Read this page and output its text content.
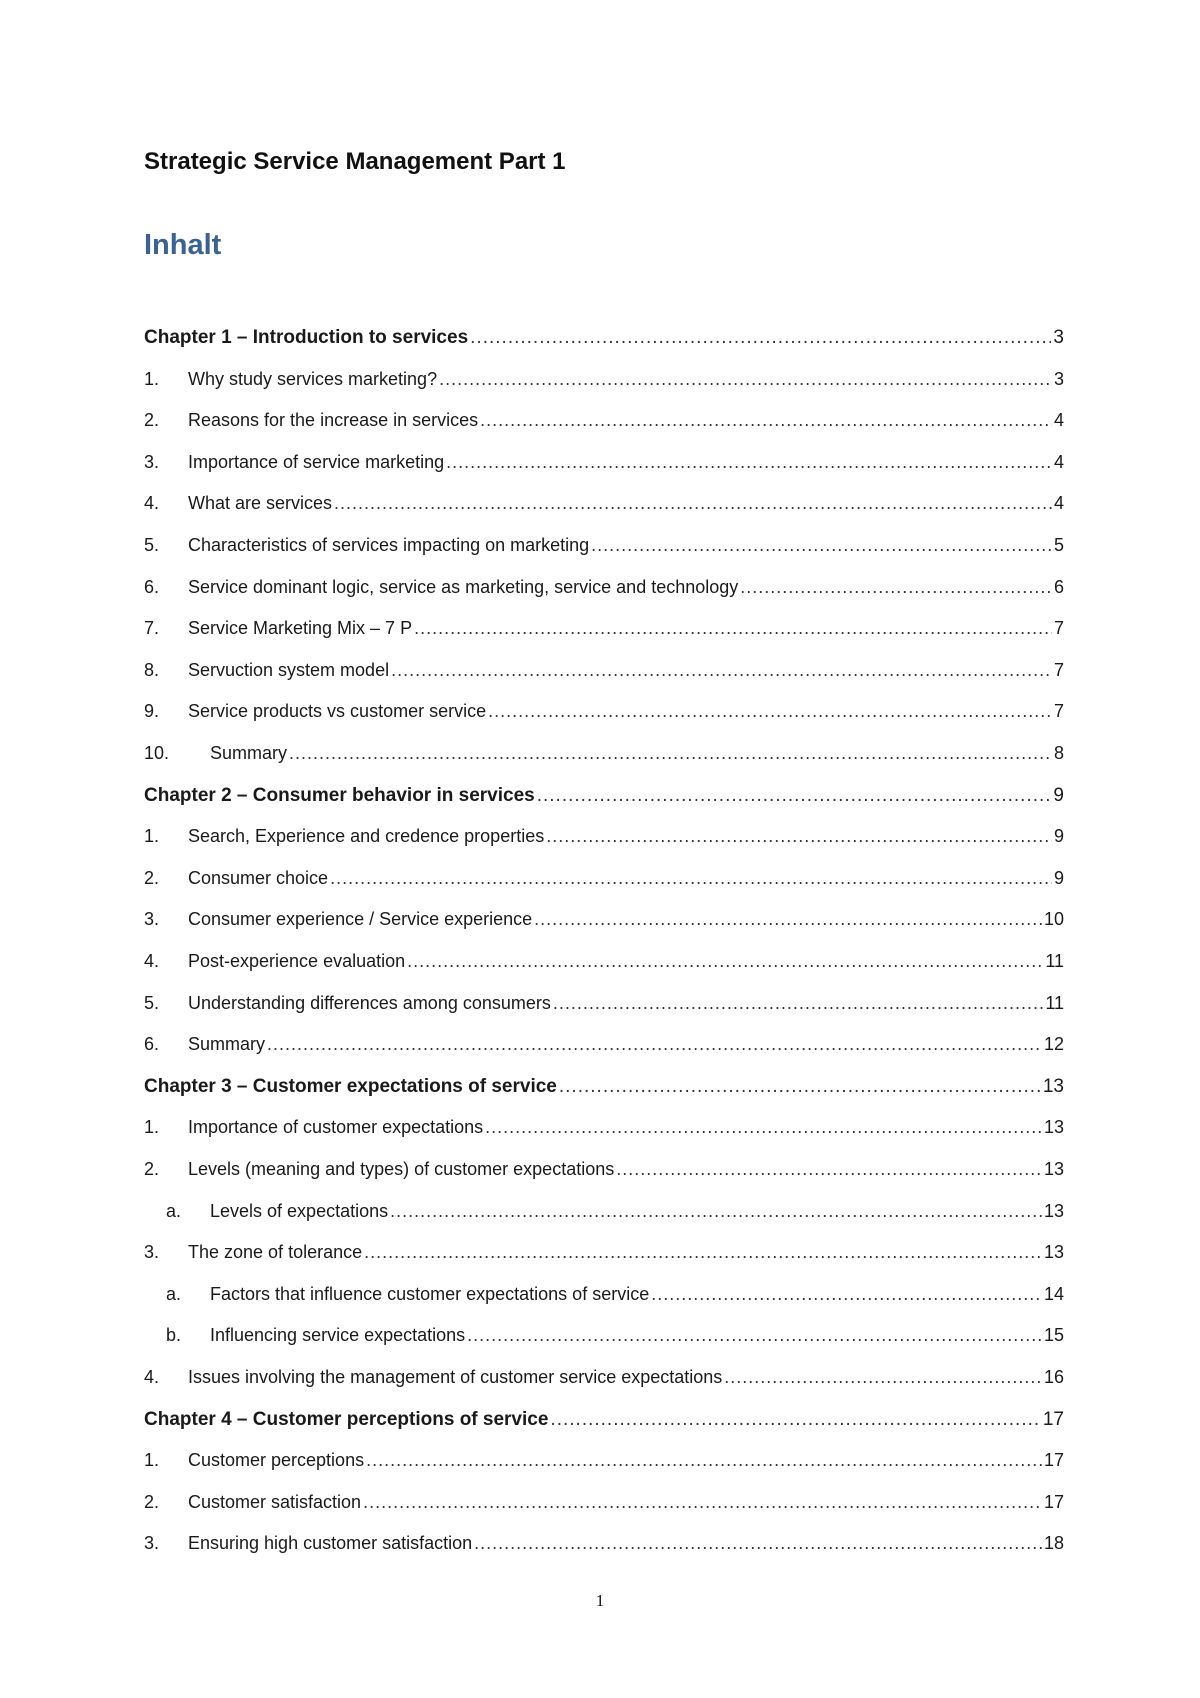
Strategic Service Management Part 1
Inhalt
Chapter 1 – Introduction to services .....	3
1.	Why study services marketing? .....	3
2.	Reasons for the increase in services .....	4
3.	Importance of service marketing .....	4
4.	What are services .....	4
5.	Characteristics of services impacting on marketing .....	5
6.	Service dominant logic, service as marketing, service and technology .....	6
7.	Service Marketing Mix – 7 P .....	7
8.	Servuction system model .....	7
9.	Service products vs customer service .....	7
10.	Summary .....	8
Chapter 2 – Consumer behavior in services .....	9
1.	Search, Experience and credence properties .....	9
2.	Consumer choice .....	9
3.	Consumer experience / Service experience .....	10
4.	Post-experience evaluation .....	11
5.	Understanding differences among consumers .....	11
6.	Summary .....	12
Chapter 3 – Customer expectations of service .....	13
1.	Importance of customer expectations .....	13
2.	Levels (meaning and types) of customer expectations .....	13
a.	Levels of expectations .....	13
3.	The zone of tolerance .....	13
a.	Factors that influence customer expectations of service .....	14
b.	Influencing service expectations .....	15
4.	Issues involving the management of customer service expectations .....	16
Chapter 4 – Customer perceptions of service .....	17
1.	Customer perceptions .....	17
2.	Customer satisfaction .....	17
3.	Ensuring high customer satisfaction .....	18
1
